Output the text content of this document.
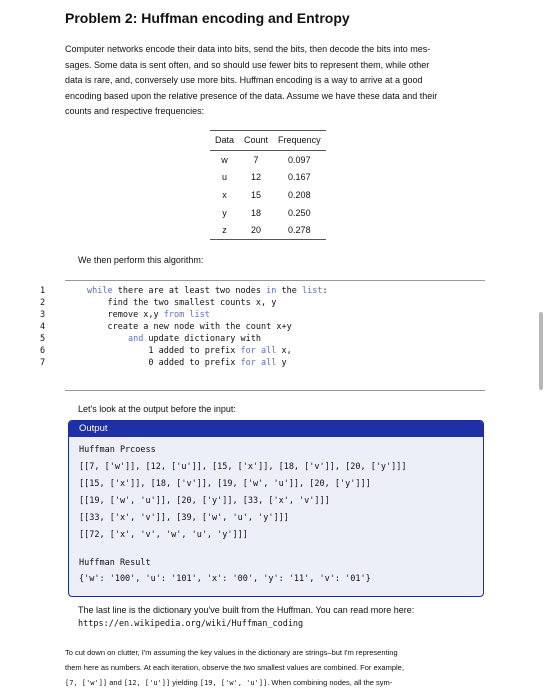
Problem 2: Huffman encoding and Entropy
Computer networks encode their data into bits, send the bits, then decode the bits into mes-
sages. Some data is sent often, and so should use fewer bits to represent them, while other
data is rare, and, conversely use more bits. Huffman encoding is a way to arrive at a good
encoding based upon the relative presence of the data. Assume we have these data and their
counts and respective frequencies:
Data	Count	Frequency
w	7	0.097
u	12	0.167
x	15	0.208
y	18	0.250
z	20	0.278
We then perform this algorithm:
1	while there are at least two nodes in the list:
2	find the two smallest counts x, y
3	remove x,y from list
4	create a new node with the count x+y
5	and update dictionary with
6	1 added to prefix for all x,
7	0 added to prefix for all y
Let's look at the output before the input:
Output
Huffman Prcoess
[[7, ['w']], [12, ['u']], [15, ['x']], [18, ['v']], [20, ['y']]]
[[15, ['x']], [18, ['v']], [19, ['w', 'u']], [20, ['y']]]
[[19, ['w', 'u']], [20, ['y']], [33, ['x', 'v']]]
[[33, ['x', 'v']], [39, ['w', 'u', 'y']]]
[[72, ['x', 'v', 'w', 'u', 'y']]]
Huffman Result
{'w': '100', 'u': '101', 'x': '00', 'y': '11', 'v': '01'}
The last line is the dictionary you've built from the Huffman. You can read more here:
https://en.wikipedia.org/wiki/Huffman_coding
To cut down on clutter, I'm assuming the key values in the dictionary are strings–but I'm representing
them here as numbers. At each iteration, observe the two smallest values are combined. For example,
[7, ['w']] and [12, ['u']] yielding [19, ['w', 'u']]. When combining nodes, all the sym-
